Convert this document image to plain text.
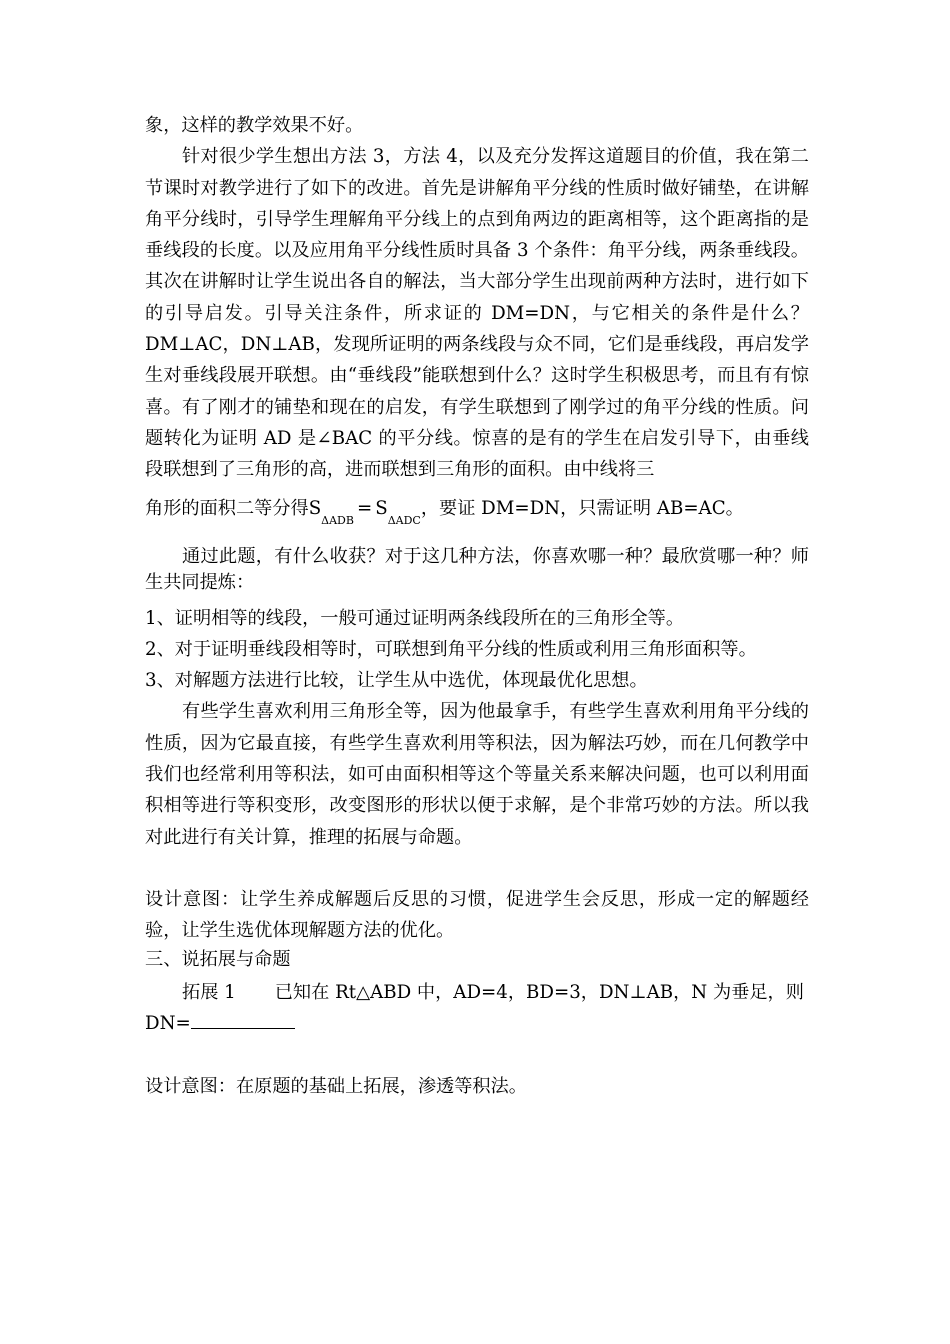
象，这样的教学效果不好。

针对很少学生想出方法 3，方法 4，以及充分发挥这道题目的价值，我在第二节课时对教学进行了如下的改进。首先是讲解角平分线的性质时做好铺垫，在讲解角平分线时，引导学生理解角平分线上的点到角两边的距离相等，这个距离指的是垂线段的长度。以及应用角平分线性质时具备 3 个条件：角平分线，两条垂线段。其次在讲解时让学生说出各自的解法，当大部分学生出现前两种方法时，进行如下的引导启发。引导关注条件，所求证的 DM=DN，与它相关的条件是什么？DM⊥AC，DN⊥AB，发现所证明的两条线段与众不同，它们是垂线段，再启发学生对垂线段展开联想。由“垂线段”能联想到什么？这时学生积极思考，而且有有惊喜。有了刚才的铺垫和现在的启发，有学生联想到了刚学过的角平分线的性质。问题转化为证明 AD 是∠BAC 的平分线。惊喜的是有的学生在启发引导下，由垂线段联想到了三角形的高，进而联想到三角形的面积。由中线将三

角形的面积二等分得$S_{\Delta ADB}= S_{\Delta ADC}$，要证 DM=DN，只需证明 AB=AC。

通过此题，有什么收获？对于这几种方法，你喜欢哪一种？最欣赏哪一种？师生共同提炼：

1、证明相等的线段，一般可通过证明两条线段所在的三角形全等。

2、对于证明垂线段相等时，可联想到角平分线的性质或利用三角形面积等。

3、对解题方法进行比较，让学生从中选优，体现最优化思想。

有些学生喜欢利用三角形全等，因为他最拿手，有些学生喜欢利用角平分线的性质，因为它最直接，有些学生喜欢利用等积法，因为解法巧妙，而在几何教学中我们也经常利用等积法，如可由面积相等这个等量关系来解决问题，也可以利用面积相等进行等积变形，改变图形的形状以便于求解，是个非常巧妙的方法。所以我对此进行有关计算，推理的拓展与命题。

设计意图：让学生养成解题后反思的习惯，促进学生会反思，形成一定的解题经验，让学生选优体现解题方法的优化。

三、说拓展与命题

拓展 1 已知在 Rt△ABD 中，AD=4，BD=3，DN⊥AB，N 为垂足，则

DN=

设计意图：在原题的基础上拓展，渗透等积法。
